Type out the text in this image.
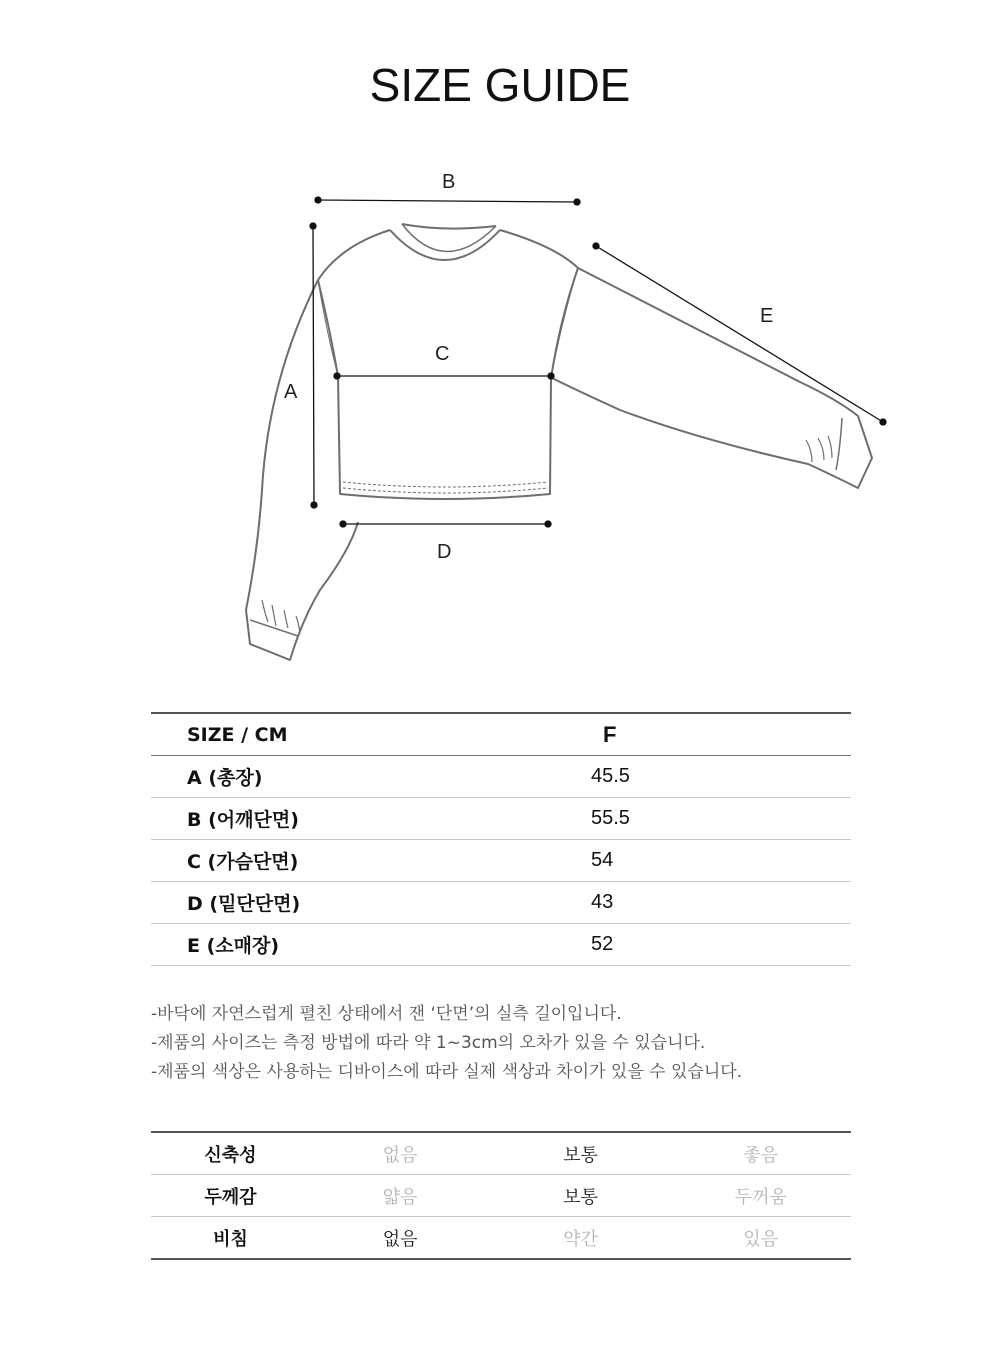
SIZE GUIDE
B
A
C
D
E
SIZE / CM	F
A (총장)	45.5
B (어깨단면)	55.5
C (가슴단면)	54
D (밑단단면)	43
E (소매장)	52
-바닥에 자연스럽게 펼친 상태에서 잰 ‘단면’의 실측 길이입니다.
-제품의 사이즈는 측정 방법에 따라 약 1~3cm의 오차가 있을 수 있습니다.
-제품의 색상은 사용하는 디바이스에 따라 실제 색상과 차이가 있을 수 있습니다.
신축성	없음	보통	좋음
두께감	얇음	보통	두꺼움
비침	없음	약간	있음
